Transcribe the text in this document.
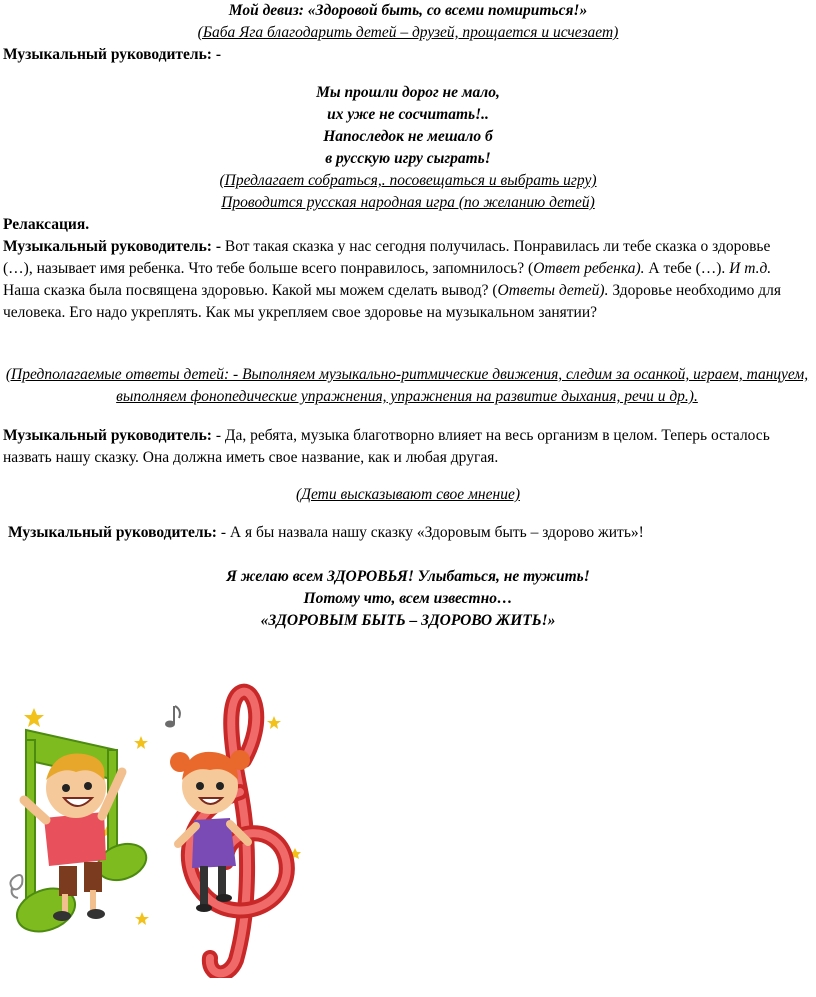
Мой девиз: «Здоровой быть, со всеми помириться!»
(Баба Яга благодарить детей – друзей, прощается и исчезает)
Музыкальный руководитель: -
Мы прошли дорог не мало,
их уже не сосчитать!..
Напоследок не мешало б
в русскую игру сыграть!
(Предлагает собраться,. посовещаться и выбрать игру)
Проводится русская народная игра (по желанию детей)
Релаксация.
Музыкальный руководитель: - Вот такая сказка у нас сегодня получилась. Понравилась ли тебе сказка о здоровье (…), называет имя ребенка. Что тебе больше всего понравилось, запомнилось? (Ответ ребенка). А тебе (…). И т.д. Наша сказка была посвящена здоровью. Какой мы можем сделать вывод? (Ответы детей). Здоровье необходимо для человека. Его надо укреплять. Как мы укрепляем свое здоровье на музыкальном занятии?
(Предполагаемые ответы детей: - Выполняем музыкально-ритмические движения, следим за осанкой, играем, танцуем, выполняем фонопедические упражнения, упражнения на развитие дыхания, речи и др.).
Музыкальный руководитель: - Да, ребята, музыка благотворно влияет на весь организм в целом. Теперь осталось назвать нашу сказку. Она должна иметь свое название, как и любая другая.
(Дети высказывают свое мнение)
Музыкальный руководитель: - А я бы назвала нашу сказку «Здоровым быть – здорово жить»!
Я желаю всем ЗДОРОВЬЯ! Улыбаться, не тужить!
Потому что, всем известно…
«ЗДОРОВЫМ БЫТЬ – ЗДОРОВО ЖИТЬ!»
